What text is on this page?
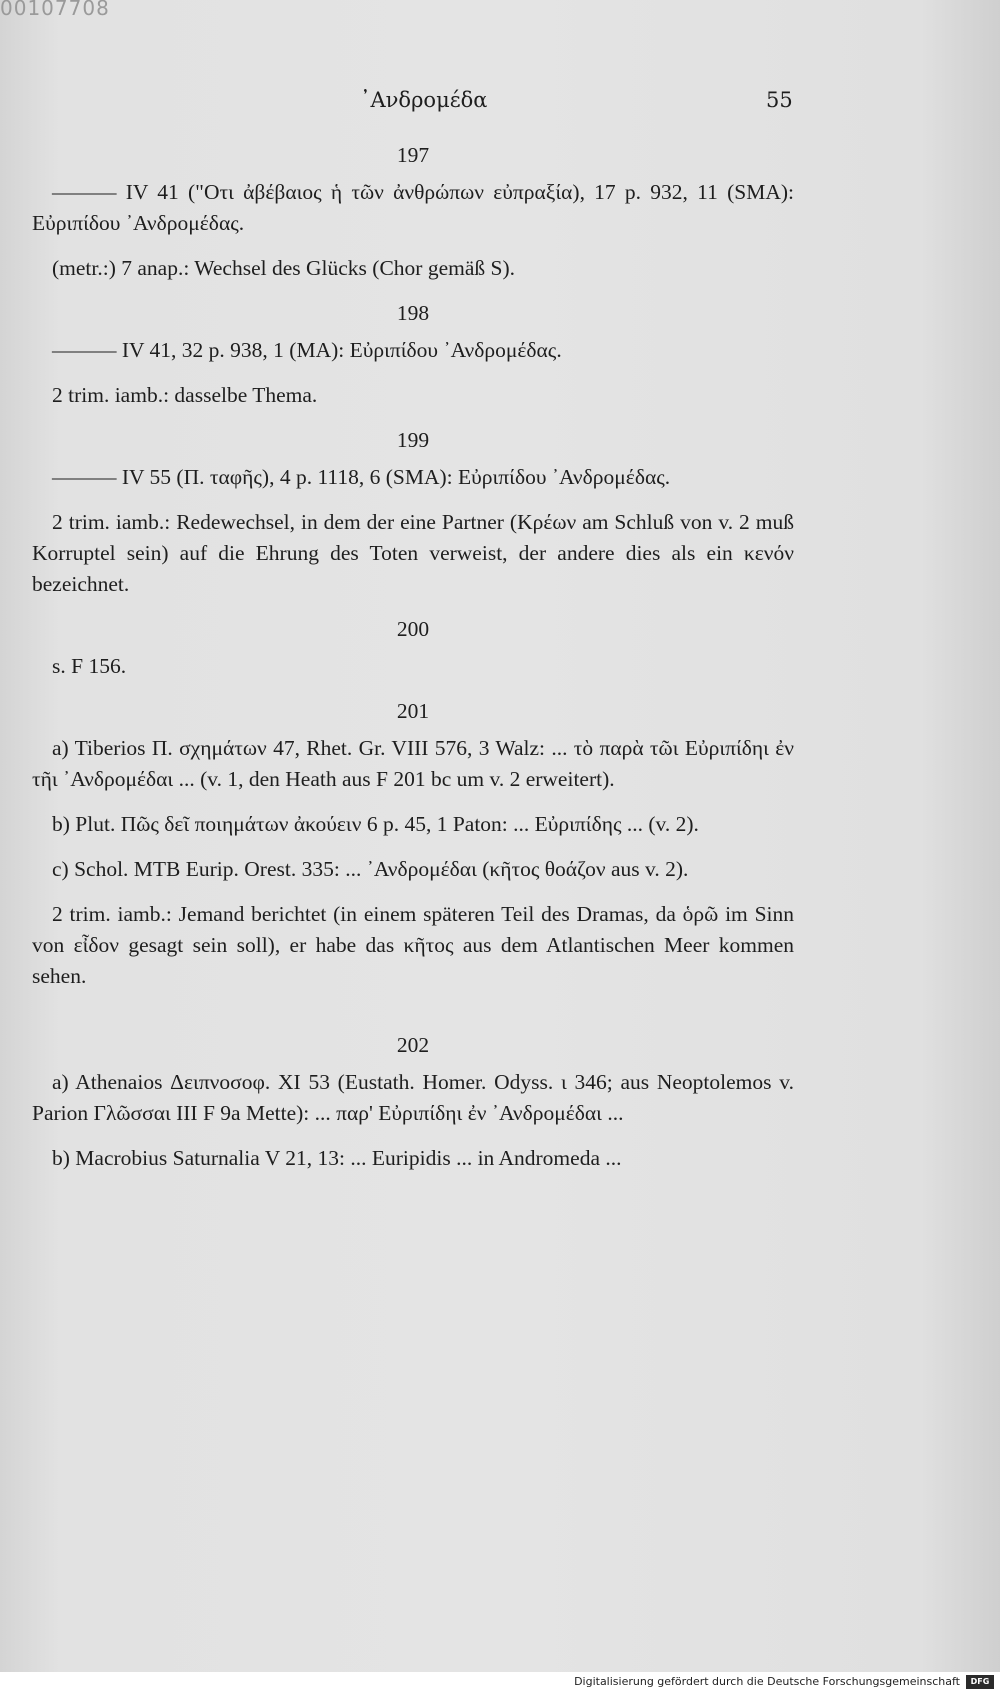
00107708
᾿Ανδρομέδα	55
197

——— IV 41 ("Οτι ἀβέβαιος ἡ τῶν ἀνθρώπων εὐπραξία), 17 p. 932, 11 (SMA): Εὐριπίδου ᾿Ανδρομέδας.

(metr.:) 7 anap.: Wechsel des Glücks (Chor gemäß S).

198

——— IV 41, 32 p. 938, 1 (MA): Εὐριπίδου ᾿Ανδρομέδας.

2 trim. iamb.: dasselbe Thema.

199

——— IV 55 (Π. ταφῆς), 4 p. 1118, 6 (SMA): Εὐριπίδου ᾿Ανδρομέδας.

2 trim. iamb.: Redewechsel, in dem der eine Partner (Κρέων am Schluß von v. 2 muß Korruptel sein) auf die Ehrung des Toten verweist, der andere dies als ein κενόν bezeichnet.

200

s. F 156.

201

a) Tiberios Π. σχημάτων 47, Rhet. Gr. VIII 576, 3 Walz: ... τὸ παρὰ τῶι Εὐριπίδηι ἐν τῆι ᾿Ανδρομέδαι ... (v. 1, den Heath aus F 201 bc um v. 2 erweitert).

b) Plut. Πῶς δεῖ ποιημάτων ἀκούειν 6 p. 45, 1 Paton: ... Εὐριπίδης ... (v. 2).

c) Schol. MTB Eurip. Orest. 335: ... ᾿Ανδρομέδαι (κῆτος θοάζον aus v. 2).

2 trim. iamb.: Jemand berichtet (in einem späteren Teil des Dramas, da ὁρῶ im Sinn von εἶδον gesagt sein soll), er habe das κῆτος aus dem Atlantischen Meer kommen sehen.

202

a) Athenaios Δειπνοσοφ. XI 53 (Eustath. Homer. Odyss. ι 346; aus Neoptolemos v. Parion Γλῶσσαι III F 9a Mette): ... παρ' Εὐριπίδηι ἐν ᾿Ανδρομέδαι ...

b) Macrobius Saturnalia V 21, 13: ... Euripidis ... in Andromeda ...

Digitalisierung gefördert durch die Deutsche Forschungsgemeinschaft	DFG
